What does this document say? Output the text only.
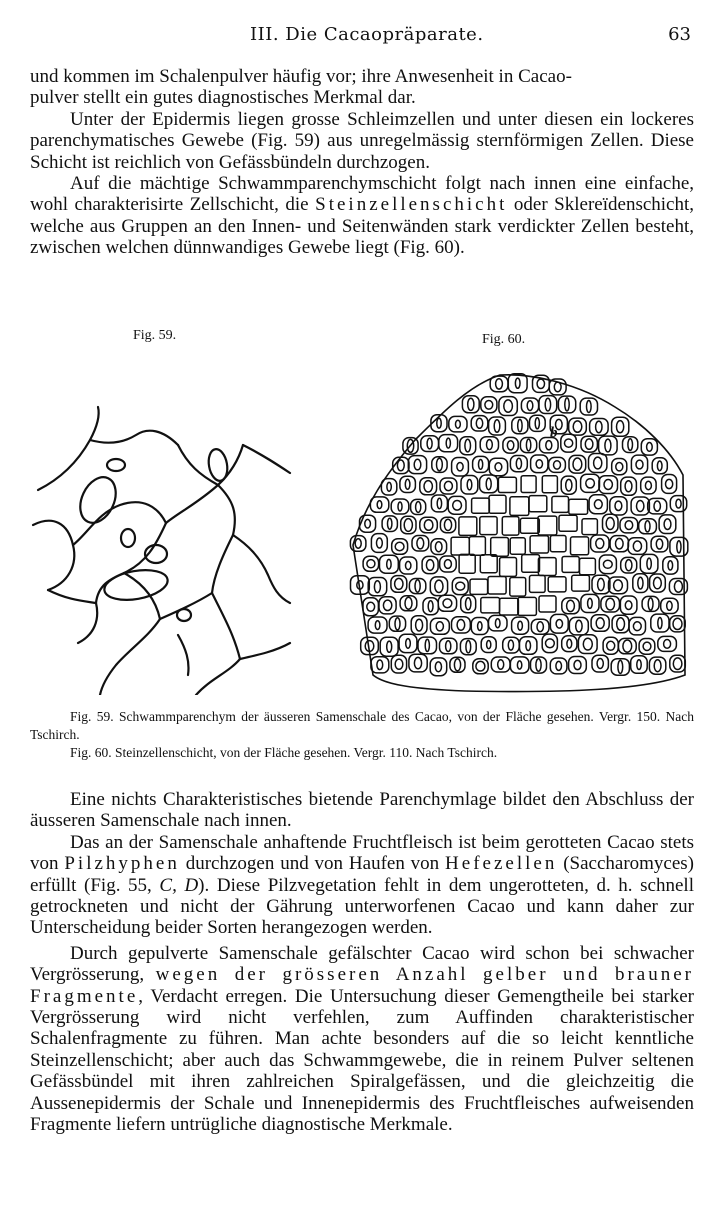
III. Die Cacaopräparate.	63

und kommen im Schalenpulver häufig vor; ihre Anwesenheit in Cacao-
pulver stellt ein gutes diagnostisches Merkmal dar.

Unter der Epidermis liegen grosse Schleimzellen und unter diesen ein lockeres parenchymatisches Gewebe (Fig. 59) aus unregelmässig sternförmigen Zellen. Diese Schicht ist reichlich von Gefässbündeln durchzogen.

Auf die mächtige Schwammparenchymschicht folgt nach innen eine einfache, wohl charakterisirte Zellschicht, die Steinzellenschicht oder Sklereïdenschicht, welche aus Gruppen an den Innen- und Seitenwänden stark verdickter Zellen besteht, zwischen welchen dünnwandiges Gewebe liegt (Fig. 60).

Fig. 59.	Fig. 60.
b

Fig. 59. Schwammparenchym der äusseren Samenschale des Cacao, von der Fläche gesehen. Vergr. 150. Nach Tschirch.

Fig. 60. Steinzellenschicht, von der Fläche gesehen. Vergr. 110. Nach Tschirch.

Eine nichts Charakteristisches bietende Parenchymlage bildet den Abschluss der äusseren Samenschale nach innen.

Das an der Samenschale anhaftende Fruchtfleisch ist beim gerotteten Cacao stets von Pilzhyphen durchzogen und von Haufen von Hefezellen (Saccharomyces) erfüllt (Fig. 55, C, D). Diese Pilzvegetation fehlt in dem ungerotteten, d. h. schnell getrockneten und nicht der Gährung unterworfenen Cacao und kann daher zur Unterscheidung beider Sorten herangezogen werden.

Durch gepulverte Samenschale gefälschter Cacao wird schon bei schwacher Vergrösserung, wegen der grösseren Anzahl gelber und brauner Fragmente, Verdacht erregen. Die Untersuchung dieser Gemengtheile bei starker Vergrösserung wird nicht verfehlen, zum Auffinden charakteristischer Schalenfragmente zu führen. Man achte besonders auf die so leicht kenntliche Steinzellenschicht; aber auch das Schwammgewebe, die in reinem Pulver seltenen Gefässbündel mit ihren zahlreichen Spiralgefässen, und die gleichzeitig die Aussenepidermis der Schale und Innenepidermis des Fruchtfleisches aufweisenden Fragmente liefern untrügliche diagnostische Merkmale.
